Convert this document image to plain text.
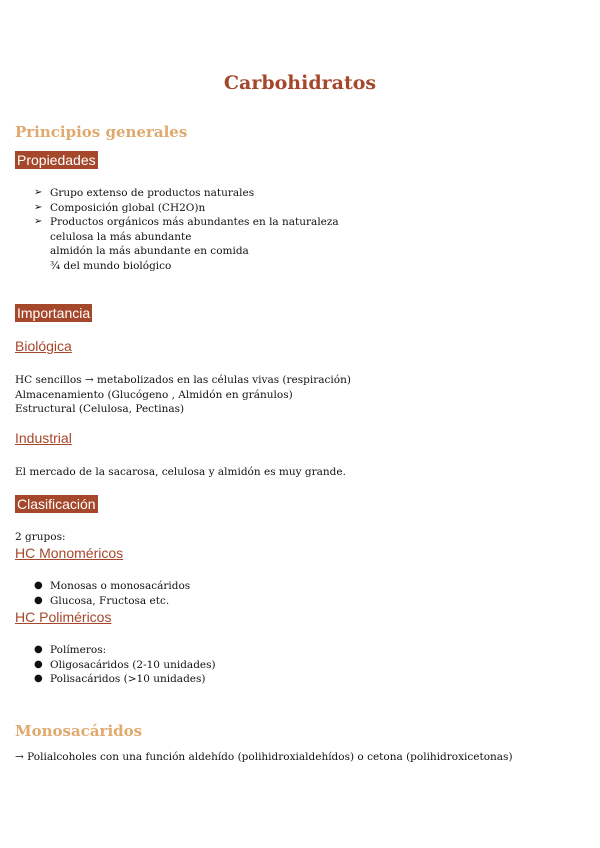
Carbohidratos
Principios generales
Propiedades
➢ Grupo extenso de productos naturales
➢ Composición global (CH2O)n
➢ Productos orgánicos más abundantes en la naturaleza
celulosa la más abundante
almidón la más abundante en comida
¾ del mundo biológico
Importancia
Biológica
HC sencillos → metabolizados en las células vivas (respiración)
Almacenamiento (Glucógeno , Almidón en gránulos)
Estructural (Celulosa, Pectinas)
Industrial
El mercado de la sacarosa, celulosa y almidón es muy grande.
Clasificación
2 grupos:
HC Monoméricos
● Monosas o monosacáridos
● Glucosa, Fructosa etc.
HC Poliméricos
● Polímeros:
● Oligosacáridos (2-10 unidades)
● Polisacáridos (>10 unidades)
Monosacáridos
→ Polialcoholes con una función aldehído (polihidroxialdehídos) o cetona (polihidroxicetonas)
